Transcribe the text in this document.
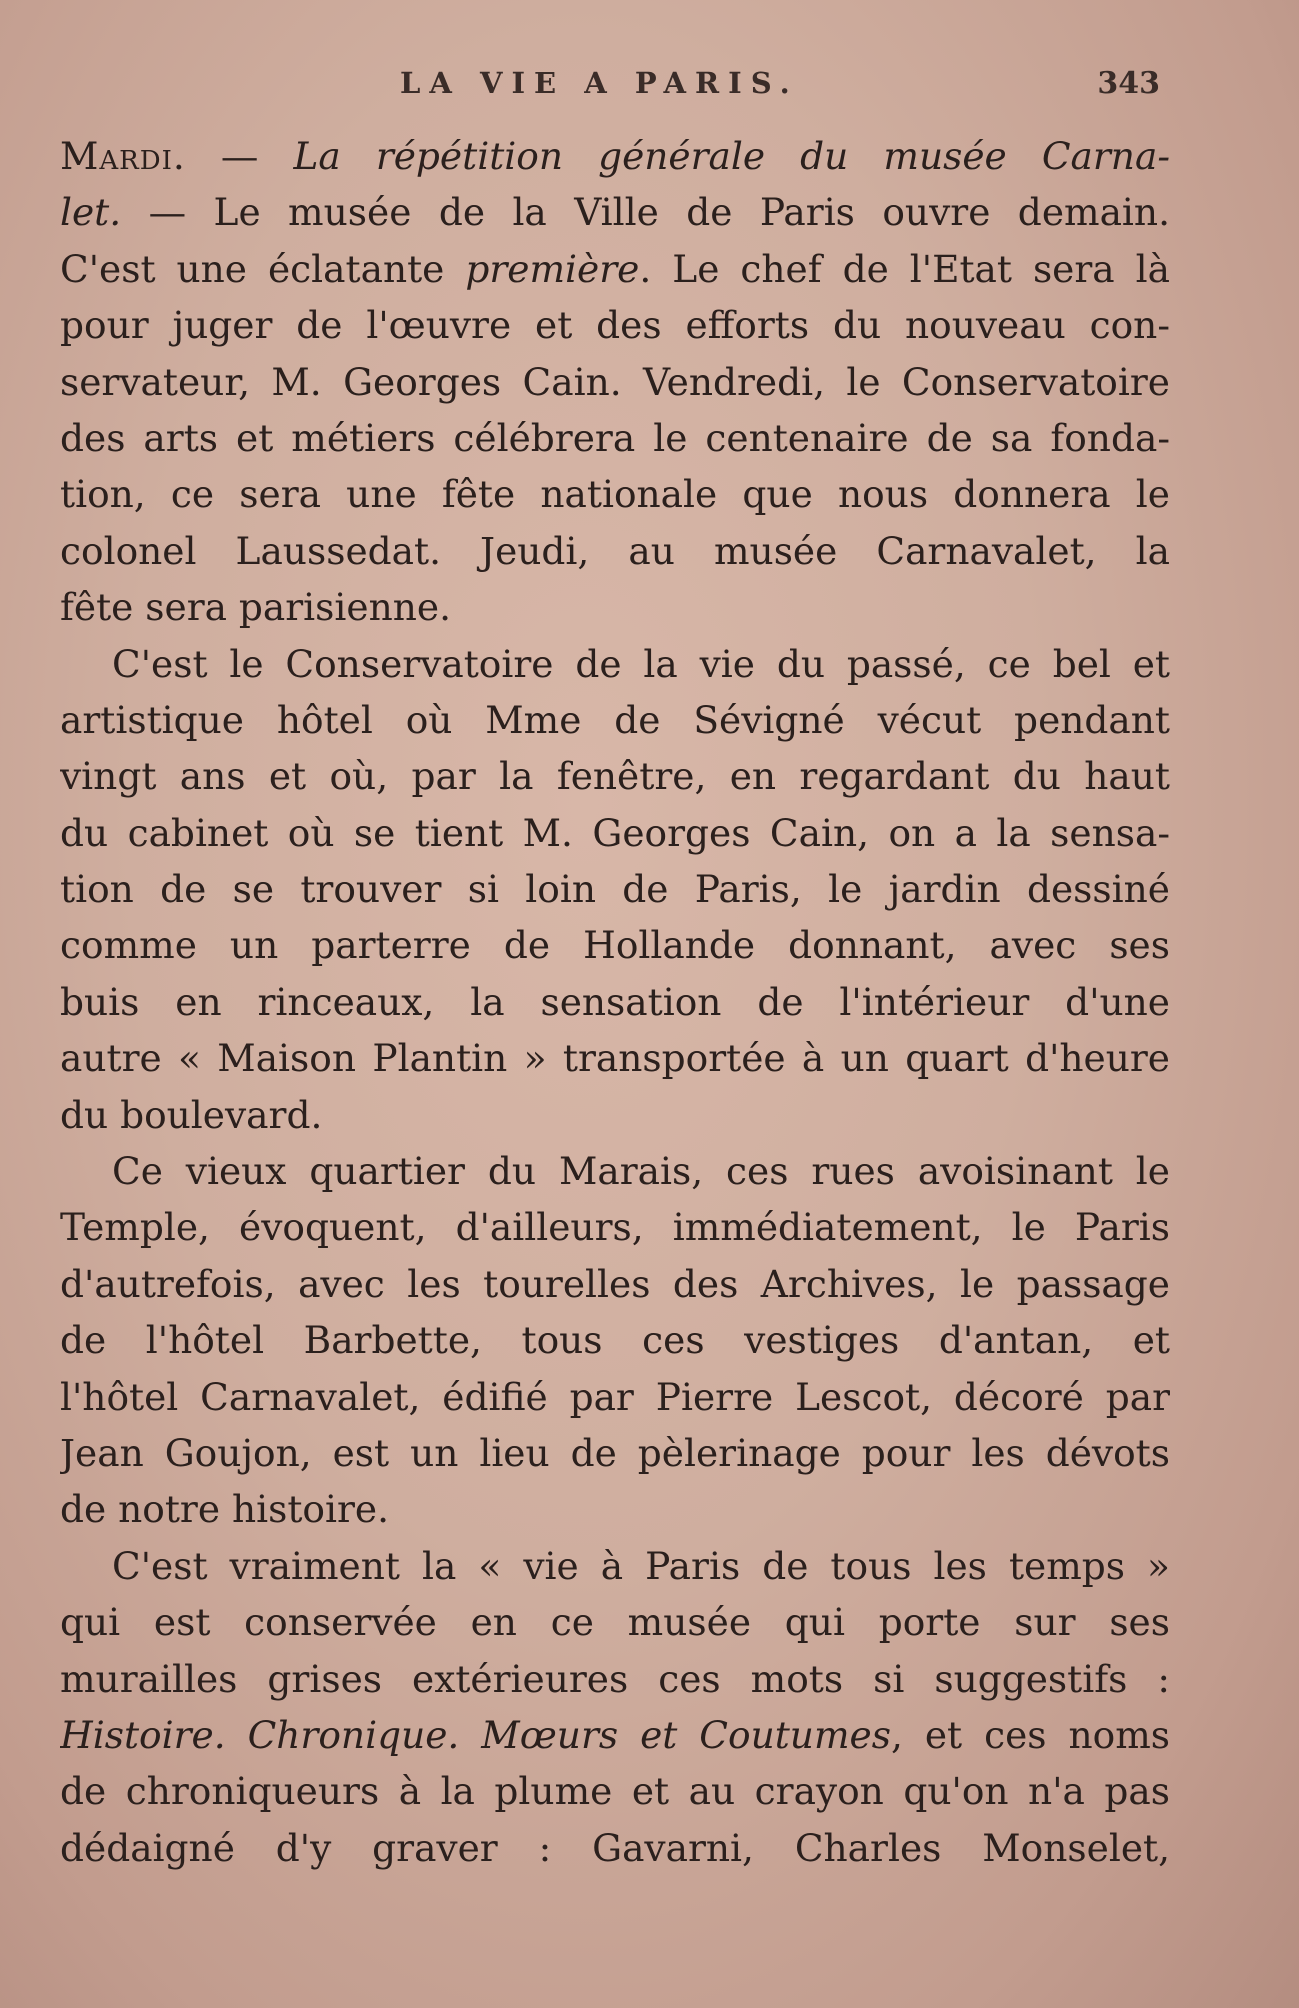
LA VIE A PARIS.	343
Mardi. — La répétition générale du musée Carna-
let. — Le musée de la Ville de Paris ouvre demain.
C'est une éclatante première. Le chef de l'Etat sera là
pour juger de l'œuvre et des efforts du nouveau con-
servateur, M. Georges Cain. Vendredi, le Conservatoire
des arts et métiers célébrera le centenaire de sa fonda-
tion, ce sera une fête nationale que nous donnera le
colonel Laussedat. Jeudi, au musée Carnavalet, la
fête sera parisienne.
C'est le Conservatoire de la vie du passé, ce bel et
artistique hôtel où Mme de Sévigné vécut pendant
vingt ans et où, par la fenêtre, en regardant du haut
du cabinet où se tient M. Georges Cain, on a la sensa-
tion de se trouver si loin de Paris, le jardin dessiné
comme un parterre de Hollande donnant, avec ses
buis en rinceaux, la sensation de l'intérieur d'une
autre « Maison Plantin » transportée à un quart d'heure
du boulevard.
Ce vieux quartier du Marais, ces rues avoisinant le
Temple, évoquent, d'ailleurs, immédiatement, le Paris
d'autrefois, avec les tourelles des Archives, le passage
de l'hôtel Barbette, tous ces vestiges d'antan, et
l'hôtel Carnavalet, édifié par Pierre Lescot, décoré par
Jean Goujon, est un lieu de pèlerinage pour les dévots
de notre histoire.
C'est vraiment la « vie à Paris de tous les temps »
qui est conservée en ce musée qui porte sur ses
murailles grises extérieures ces mots si suggestifs :
Histoire. Chronique. Mœurs et Coutumes, et ces noms
de chroniqueurs à la plume et au crayon qu'on n'a pas
dédaigné d'y graver : Gavarni, Charles Monselet,
